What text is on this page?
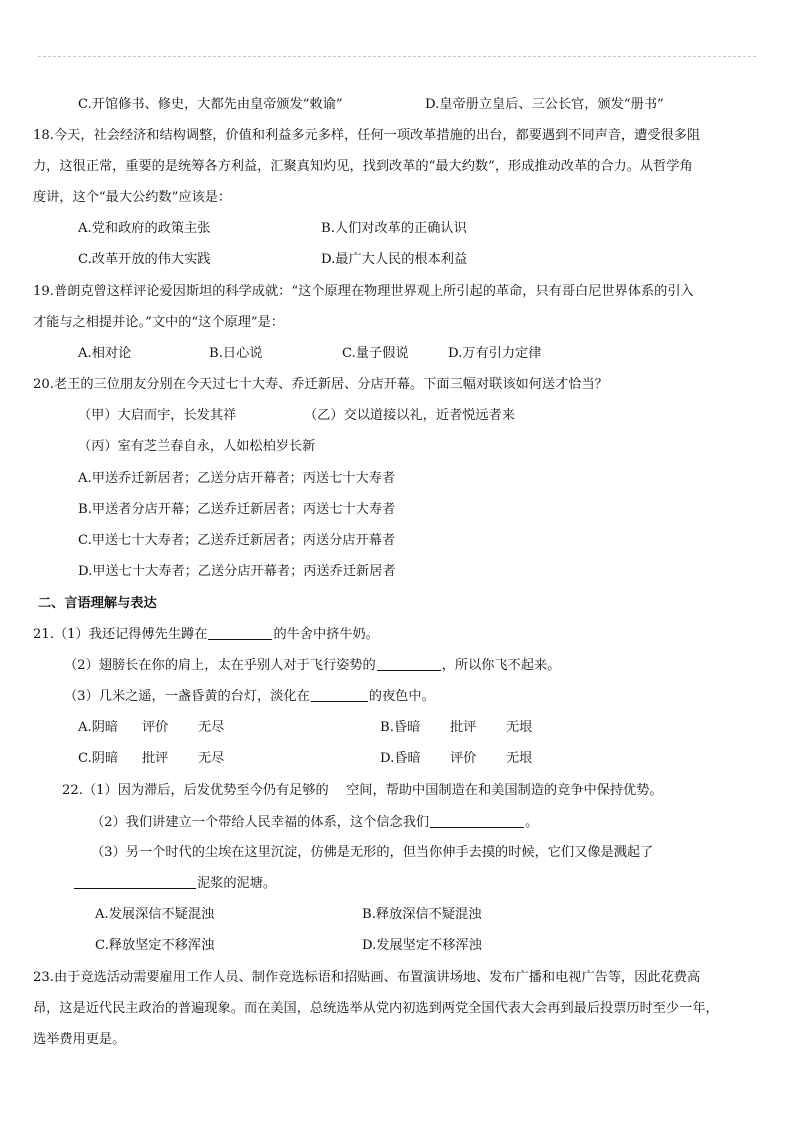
C.开馆修书、修史，大都先由皇帝颁发“敕谕”	D.皇帝册立皇后、三公长官，颁发“册书”
18.今天，社会经济和结构调整，价值和利益多元多样，任何一项改革措施的出台，都要遇到不同声音，遭受很多阻
力，这很正常，重要的是统筹各方利益，汇聚真知灼见，找到改革的“最大约数”，形成推动改革的合力。从哲学角
度讲，这个“最大公约数”应该是：
A.党和政府的政策主张	B.人们对改革的正确认识
C.改革开放的伟大实践	D.最广大人民的根本利益
19.普朗克曾这样评论爱因斯坦的科学成就：“这个原理在物理世界观上所引起的革命，只有哥白尼世界体系的引入
才能与之相提并论。”文中的“这个原理”是：
A.相对论	B.日心说	C.量子假说	D.万有引力定律
20.老王的三位朋友分别在今天过七十大寿、乔迁新居、分店开幕。下面三幅对联该如何送才恰当？
（甲）大启而宇，长发其祥	（乙）交以道接以礼，近者悦远者来
（丙）室有芝兰春自永，人如松柏岁长新
A.甲送乔迁新居者；乙送分店开幕者；丙送七十大寿者
B.甲送者分店开幕；乙送乔迁新居者；丙送七十大寿者
C.甲送七十大寿者；乙送乔迁新居者；丙送分店开幕者
D.甲送七十大寿者；乙送分店开幕者；丙送乔迁新居者
二、言语理解与表达
21.（1）我还记得傅先生蹲在	的牛舍中挤牛奶。
（2）翅膀长在你的肩上，太在乎别人对于飞行姿势的	，所以你飞不起来。
（3）几米之遥，一盏昏黄的台灯，淡化在	的夜色中。
A.阴暗 评价 无尽	B.昏暗 批评 无垠
C.阴暗 批评 无尽	D.昏暗 评价 无垠
22.（1）因为滞后，后发优势至今仍有足够的　 空间，帮助中国制造在和美国制造的竞争中保持优势。
（2）我们讲建立一个带给人民幸福的体系，这个信念我们	。
（3）另一个时代的尘埃在这里沉淀，仿佛是无形的，但当你伸手去摸的时候，它们又像是溅起了
泥浆的泥塘。
A.发展深信不疑混浊	B.释放深信不疑混浊
C.释放坚定不移浑浊	D.发展坚定不移浑浊
23.由于竞选活动需要雇用工作人员、制作竞选标语和招贴画、布置演讲场地、发布广播和电视广告等，因此花费高
昂，这是近代民主政治的普遍现象。而在美国，总统选举从党内初选到两党全国代表大会再到最后投票历时至少一年，
选举费用更是。
